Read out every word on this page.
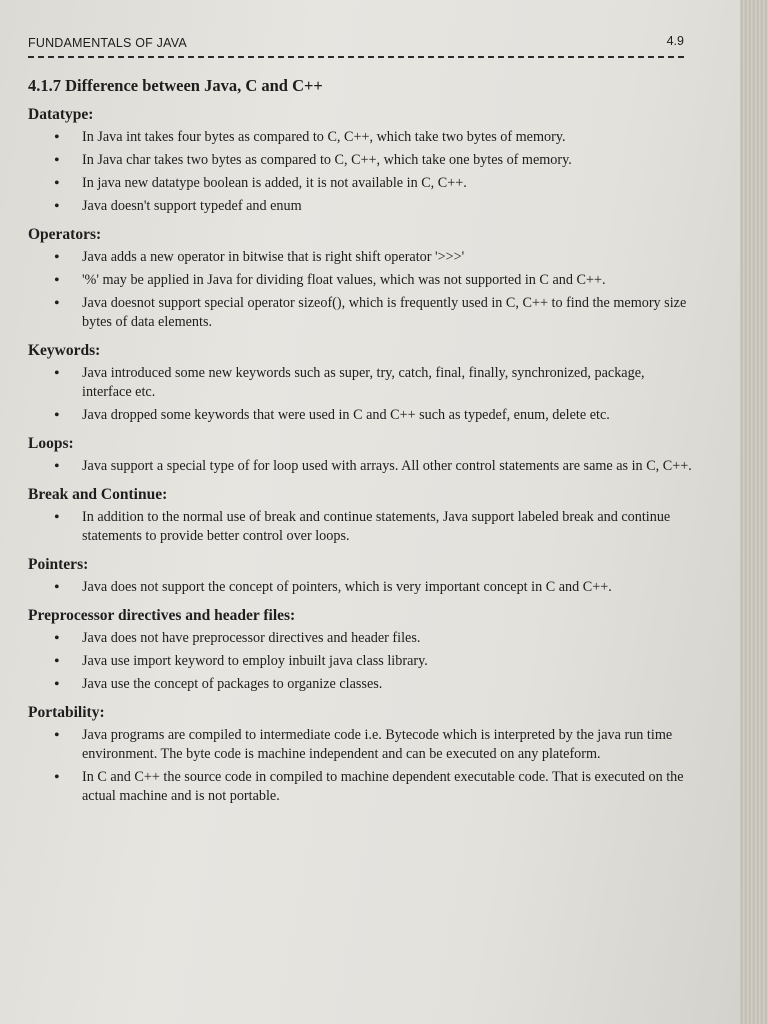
FUNDAMENTALS OF JAVA	4.9
4.1.7 Difference between Java, C and C++
Datatype:
• In Java int takes four bytes as compared to C, C++, which take two bytes of memory.
• In Java char takes two bytes as compared to C, C++, which take one bytes of memory.
• In java new datatype boolean is added, it is not available in C, C++.
• Java doesn't support typedef and enum
Operators:
• Java adds a new operator in bitwise that is right shift operator '>>>'
• '%' may be applied in Java for dividing float values, which was not supported in C and C++.
• Java doesnot support special operator sizeof(), which is frequently used in C, C++ to find the memory size bytes of data elements.
Keywords:
• Java introduced some new keywords such as super, try, catch, final, finally, synchronized, package, interface etc.
• Java dropped some keywords that were used in C and C++ such as typedef, enum, delete etc.
Loops:
• Java support a special type of for loop used with arrays. All other control statements are same as in C, C++.
Break and Continue:
• In addition to the normal use of break and continue statements, Java support labeled break and continue statements to provide better control over loops.
Pointers:
• Java does not support the concept of pointers, which is very important concept in C and C++.
Preprocessor directives and header files:
• Java does not have preprocessor directives and header files.
• Java use import keyword to employ inbuilt java class library.
• Java use the concept of packages to organize classes.
Portability:
• Java programs are compiled to intermediate code i.e. Bytecode which is interpreted by the java run time environment. The byte code is machine independent and can be executed on any plateform.
• In C and C++ the source code in compiled to machine dependent executable code. That is executed on the actual machine and is not portable.
